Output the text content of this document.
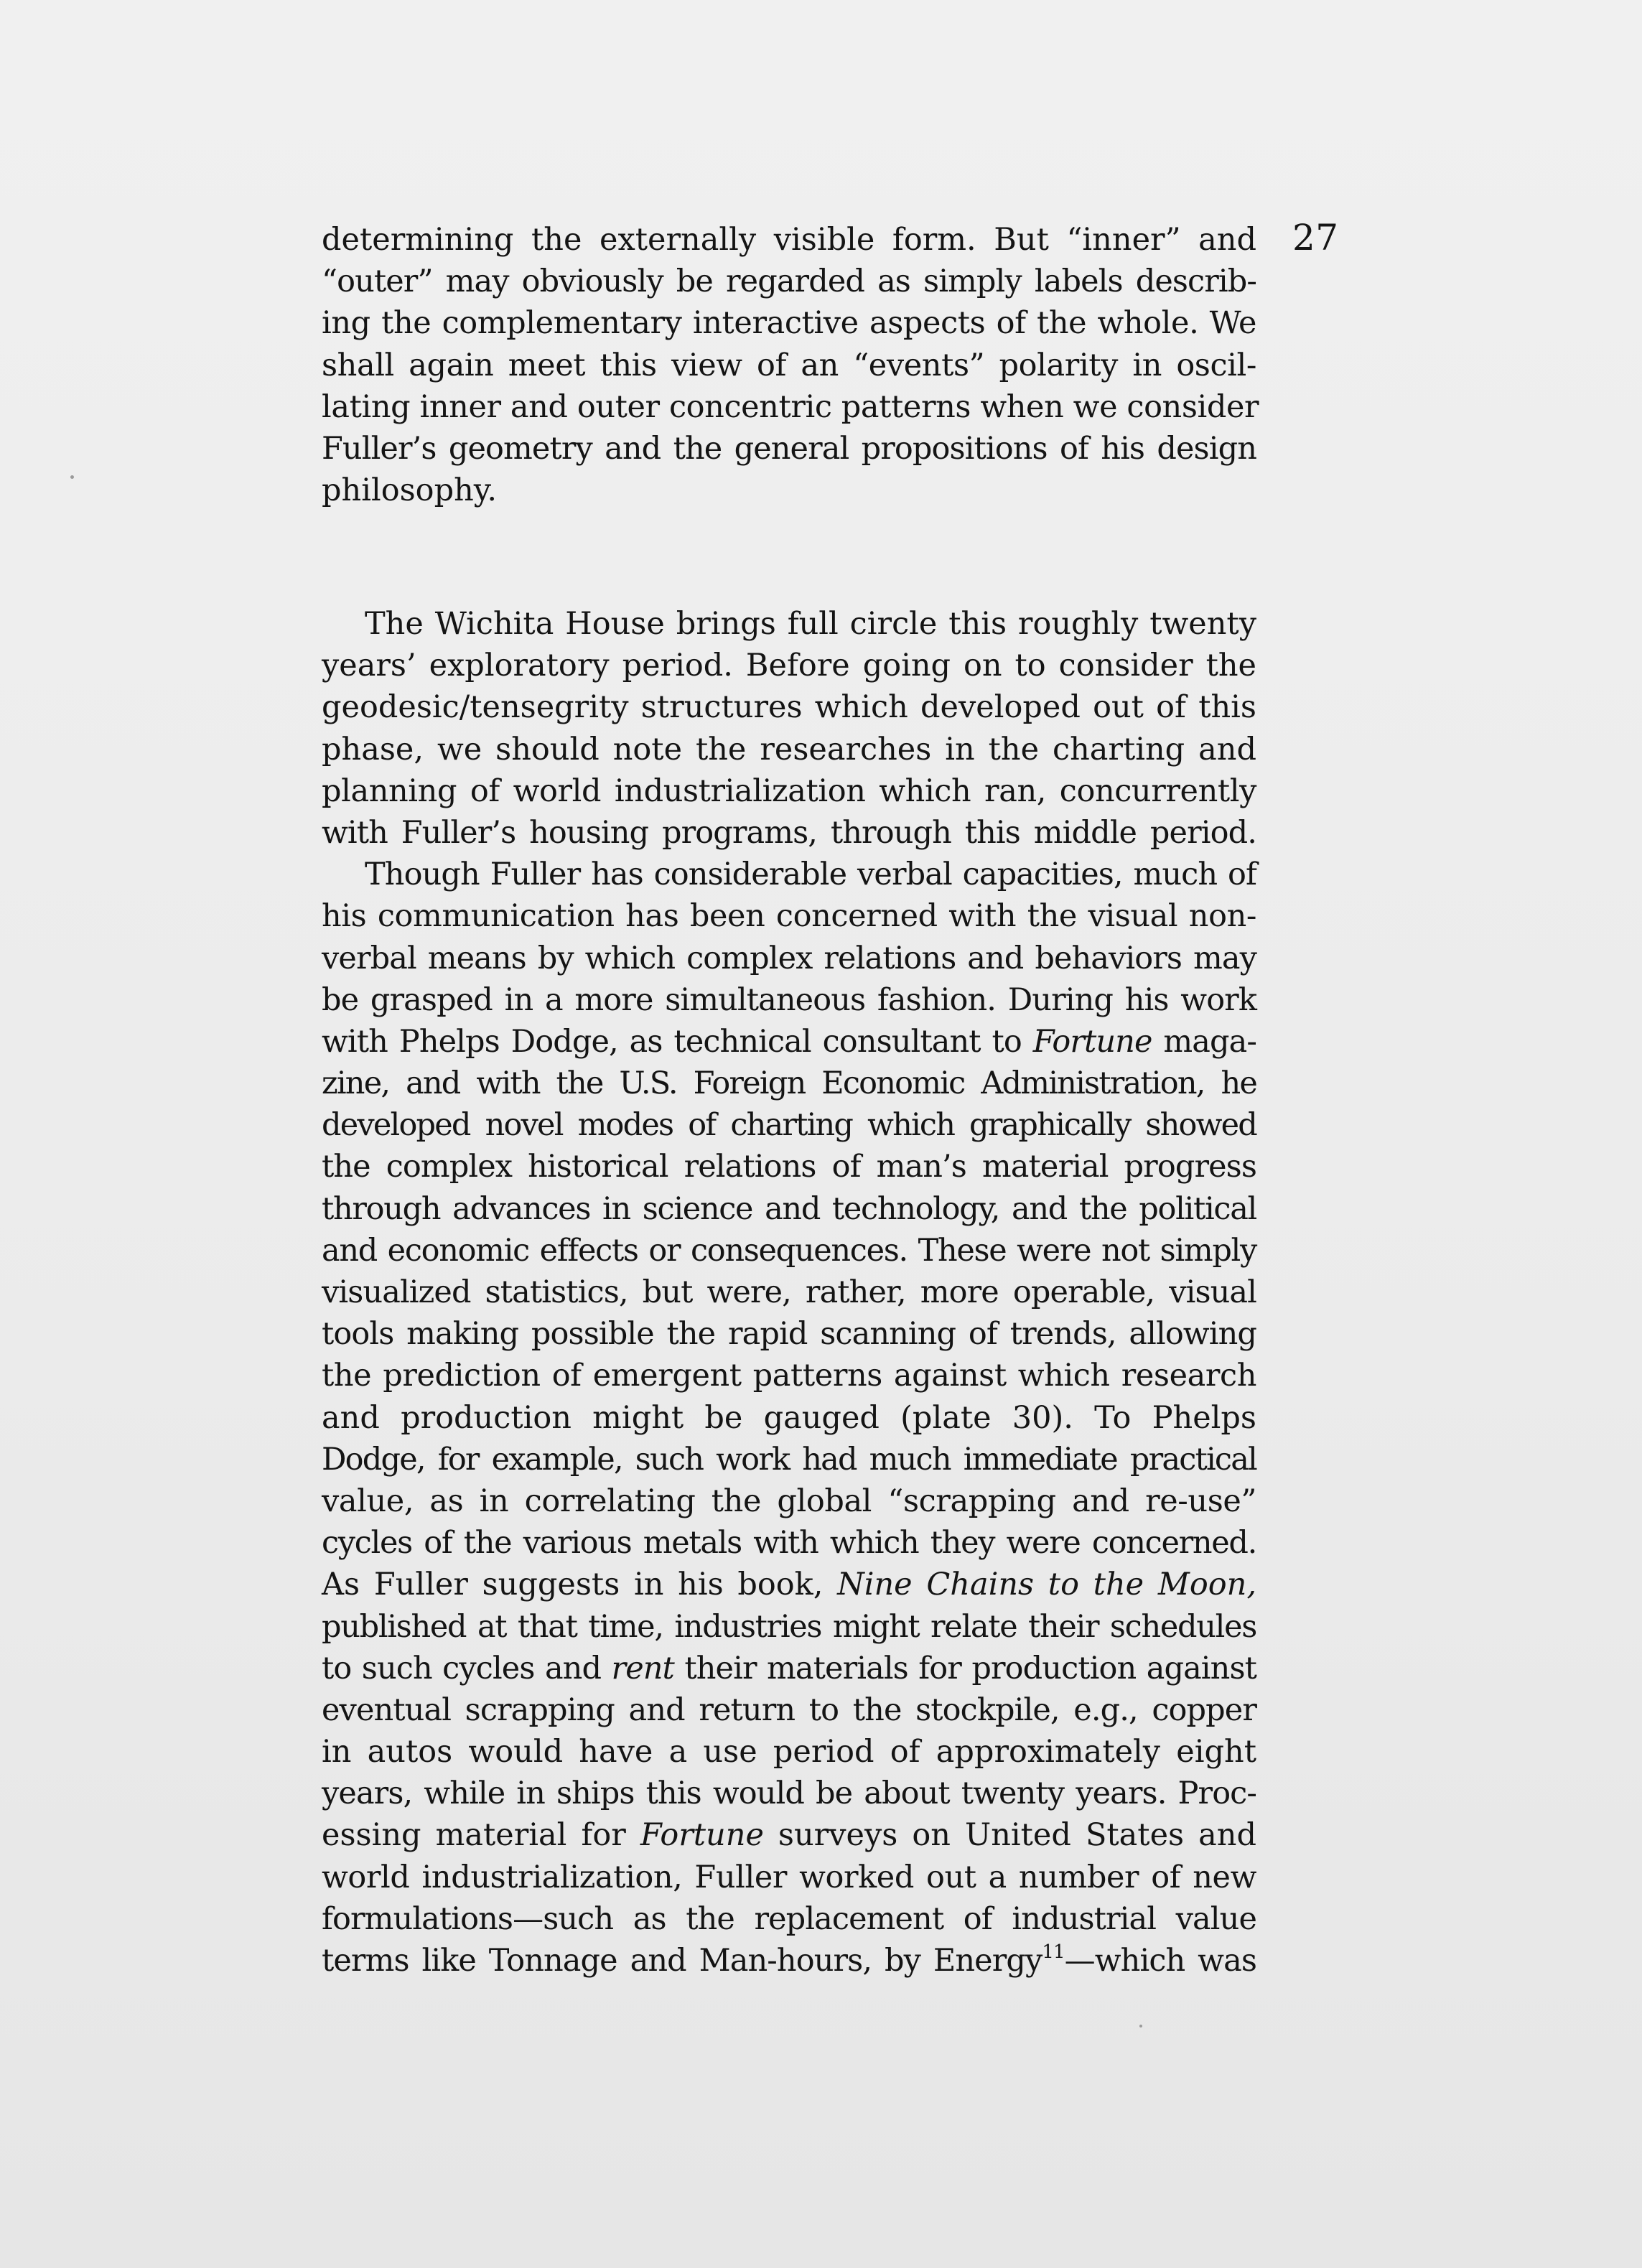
27
determining the externally visible form. But “inner” and
“outer” may obviously be regarded as simply labels describ-
ing the complementary interactive aspects of the whole. We
shall again meet this view of an “events” polarity in oscil-
lating inner and outer concentric patterns when we consider
Fuller’s geometry and the general propositions of his design
philosophy.
The Wichita House brings full circle this roughly twenty
years’ exploratory period. Before going on to consider the
geodesic/tensegrity structures which developed out of this
phase, we should note the researches in the charting and
planning of world industrialization which ran, concurrently
with Fuller’s housing programs, through this middle period.
Though Fuller has considerable verbal capacities, much of
his communication has been concerned with the visual non-
verbal means by which complex relations and behaviors may
be grasped in a more simultaneous fashion. During his work
with Phelps Dodge, as technical consultant to Fortune maga-
zine, and with the U.S. Foreign Economic Administration, he
developed novel modes of charting which graphically showed
the complex historical relations of man’s material progress
through advances in science and technology, and the political
and economic effects or consequences. These were not simply
visualized statistics, but were, rather, more operable, visual
tools making possible the rapid scanning of trends, allowing
the prediction of emergent patterns against which research
and production might be gauged (plate 30). To Phelps
Dodge, for example, such work had much immediate practical
value, as in correlating the global “scrapping and re-use”
cycles of the various metals with which they were concerned.
As Fuller suggests in his book, Nine Chains to the Moon,
published at that time, industries might relate their schedules
to such cycles and rent their materials for production against
eventual scrapping and return to the stockpile, e.g., copper
in autos would have a use period of approximately eight
years, while in ships this would be about twenty years. Proc-
essing material for Fortune surveys on United States and
world industrialization, Fuller worked out a number of new
formulations—such as the replacement of industrial value
terms like Tonnage and Man-hours, by Energy$^{11}$—which was
